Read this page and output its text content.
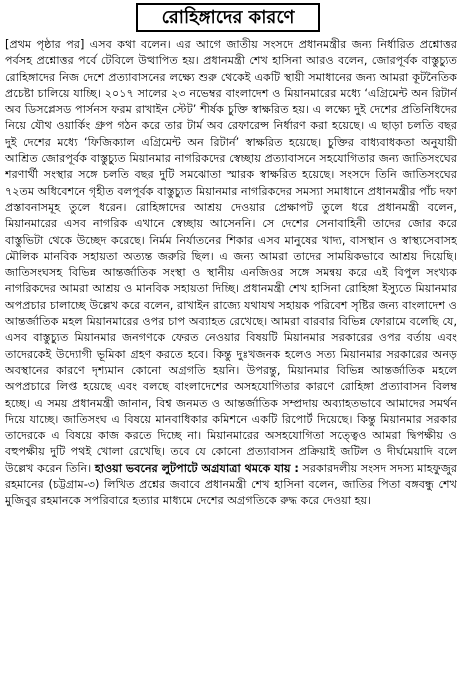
রোহিঙ্গাদের কারণে

[প্রথম পৃষ্ঠার পর] এসব কথা বলেন। এর আগে জাতীয় সংসদে প্রধানমন্ত্রীর জন্য নির্ধারিত প্রশ্নোত্তর পর্বসহ প্রশ্নোত্তর পর্বে টেবিলে উত্থাপিত হয়। প্রধানমন্ত্রী শেখ হাসিনা আরও বলেন, জোরপূর্বক বাস্তুচ্যুত রোহিঙ্গাদের নিজ দেশে প্রত্যাবাসনের লক্ষ্যে শুরু থেকেই একটি স্থায়ী সমাধানের জন্য আমরা কূটনৈতিক প্রচেষ্টা চালিয়ে যাচ্ছি। ২০১৭ সালের ২৩ নভেম্বর বাংলাদেশ ও মিয়ানমারের মধ্যে ‘এগ্রিমেন্ট অন রিটার্ন অব ডিসপ্লেসড পার্সনস ফরম রাখাইন স্টেট’ শীর্ষক চুক্তি স্বাক্ষরিত হয়। এ লক্ষ্যে দুই দেশের প্রতিনিধিদের নিয়ে যৌথ ওয়ার্কিং গ্রুপ গঠন করে তার টার্ম অব রেফারেন্স নির্ধারণ করা হয়েছে। এ ছাড়া চলতি বছর দুই দেশের মধ্যে ‘ফিজিক্যাল এগ্রিমেন্ট অন রিটার্ন’ স্বাক্ষরিত হয়েছে। চুক্তির বাধ্যবাধকতা অনুযায়ী আশ্রিত জোরপূর্বক বাস্তুচ্যুত মিয়ানমার নাগরিকদের স্বেচ্ছায় প্রত্যাবাসনে সহযোগিতার জন্য জাতিসংঘের শরণার্থী সংস্থার সঙ্গে চলতি বছর দুটি সমঝোতা স্মারক স্বাক্ষরিত হয়েছে। সংসদে তিনি জাতিসংঘের ৭২তম অধিবেশনে গৃহীত বলপূর্বক বাস্তুচ্যুত মিয়ানমার নাগরিকদের সমস্যা সমাধানে প্রধানমন্ত্রীর পাঁচ দফা প্রস্তাবনাসমূহ তুলে ধরেন। রোহিঙ্গাদের আশ্রয় দেওয়ার প্রেক্ষাপট তুলে ধরে প্রধানমন্ত্রী বলেন, মিয়ানমারের এসব নাগরিক এখানে স্বেচ্ছায় আসেননি। সে দেশের সেনাবাহিনী তাদের জোর করে বাস্তুভিটা থেকে উচ্ছেদ করেছে। নির্মম নির্যাতনের শিকার এসব মানুষের খাদ্য, বাসস্থান ও স্বাস্থ্যসেবাসহ মৌলিক মানবিক সহায়তা অত্যন্ত জরুরি ছিল। এ জন্য আমরা তাদের সাময়িকভাবে আশ্রয় দিয়েছি। জাতিসংঘসহ বিভিন্ন আন্তর্জাতিক সংস্থা ও স্থানীয় এনজিওর সঙ্গে সমন্বয় করে এই বিপুল সংখ্যক নাগরিকদের আমরা আশ্রয় ও মানবিক সহায়তা দিচ্ছি। প্রধানমন্ত্রী শেখ হাসিনা রোহিঙ্গা ইস্যুতে মিয়ানমার অপপ্রচার চালাচ্ছে উল্লেখ করে বলেন, রাখাইন রাজ্যে যথাযথ সহায়ক পরিবেশ সৃষ্টির জন্য বাংলাদেশ ও আন্তর্জাতিক মহল মিয়ানমারের ওপর চাপ অব্যাহত রেখেছে। আমরা বারবার বিভিন্ন ফোরামে বলেছি যে, এসব বাস্তুচ্যুত মিয়ানমার জনগণকে ফেরত নেওয়ার বিষয়টি মিয়ানমার সরকারের ওপর বর্তায় এবং তাদেরকেই উদ্যোগী ভূমিকা গ্রহণ করতে হবে। কিন্তু দুঃখজনক হলেও সত্য মিয়ানমার সরকারের অনড় অবস্থানের কারণে দৃশ্যমান কোনো অগ্রগতি হয়নি। উপরন্তু, মিয়ানমার বিভিন্ন আন্তর্জাতিক মহলে অপপ্রচারে লিপ্ত হয়েছে এবং বলছে বাংলাদেশের অসহযোগিতার কারণে রোহিঙ্গা প্রত্যাবাসন বিলম্ব হচ্ছে। এ সময় প্রধানমন্ত্রী জানান, বিশ্ব জনমত ও আন্তর্জাতিক সম্প্রদায় অব্যাহতভাবে আমাদের সমর্থন দিয়ে যাচ্ছে। জাতিসংঘ এ বিষয়ে মানবাধিকার কমিশনে একটি রিপোর্ট দিয়েছে। কিন্তু মিয়ানমার সরকার তাদেরকে এ বিষয়ে কাজ করতে দিচ্ছে না। মিয়ানমারের অসহযোগিতা সত্ত্বেও আমরা দ্বিপক্ষীয় ও বহুপক্ষীয় দুটি পথই খোলা রেখেছি। তবে যে কোনো প্রত্যাবাসন প্রক্রিয়াই জটিল ও দীর্ঘমেয়াদি বলে উল্লেখ করেন তিনি। হাওয়া ভবনের লুটপাটে অগ্রযাত্রা থমকে যায় : সরকারদলীয় সংসদ সদস্য মাহফুজুর রহমানের (চট্টগ্রাম-৩) লিখিত প্রশ্নের জবাবে প্রধানমন্ত্রী শেখ হাসিনা বলেন, জাতির পিতা বঙ্গবন্ধু শেখ মুজিবুর রহমানকে সপরিবারে হত্যার মাধ্যমে দেশের অগ্রগতিকে রুদ্ধ করে দেওয়া হয়।
